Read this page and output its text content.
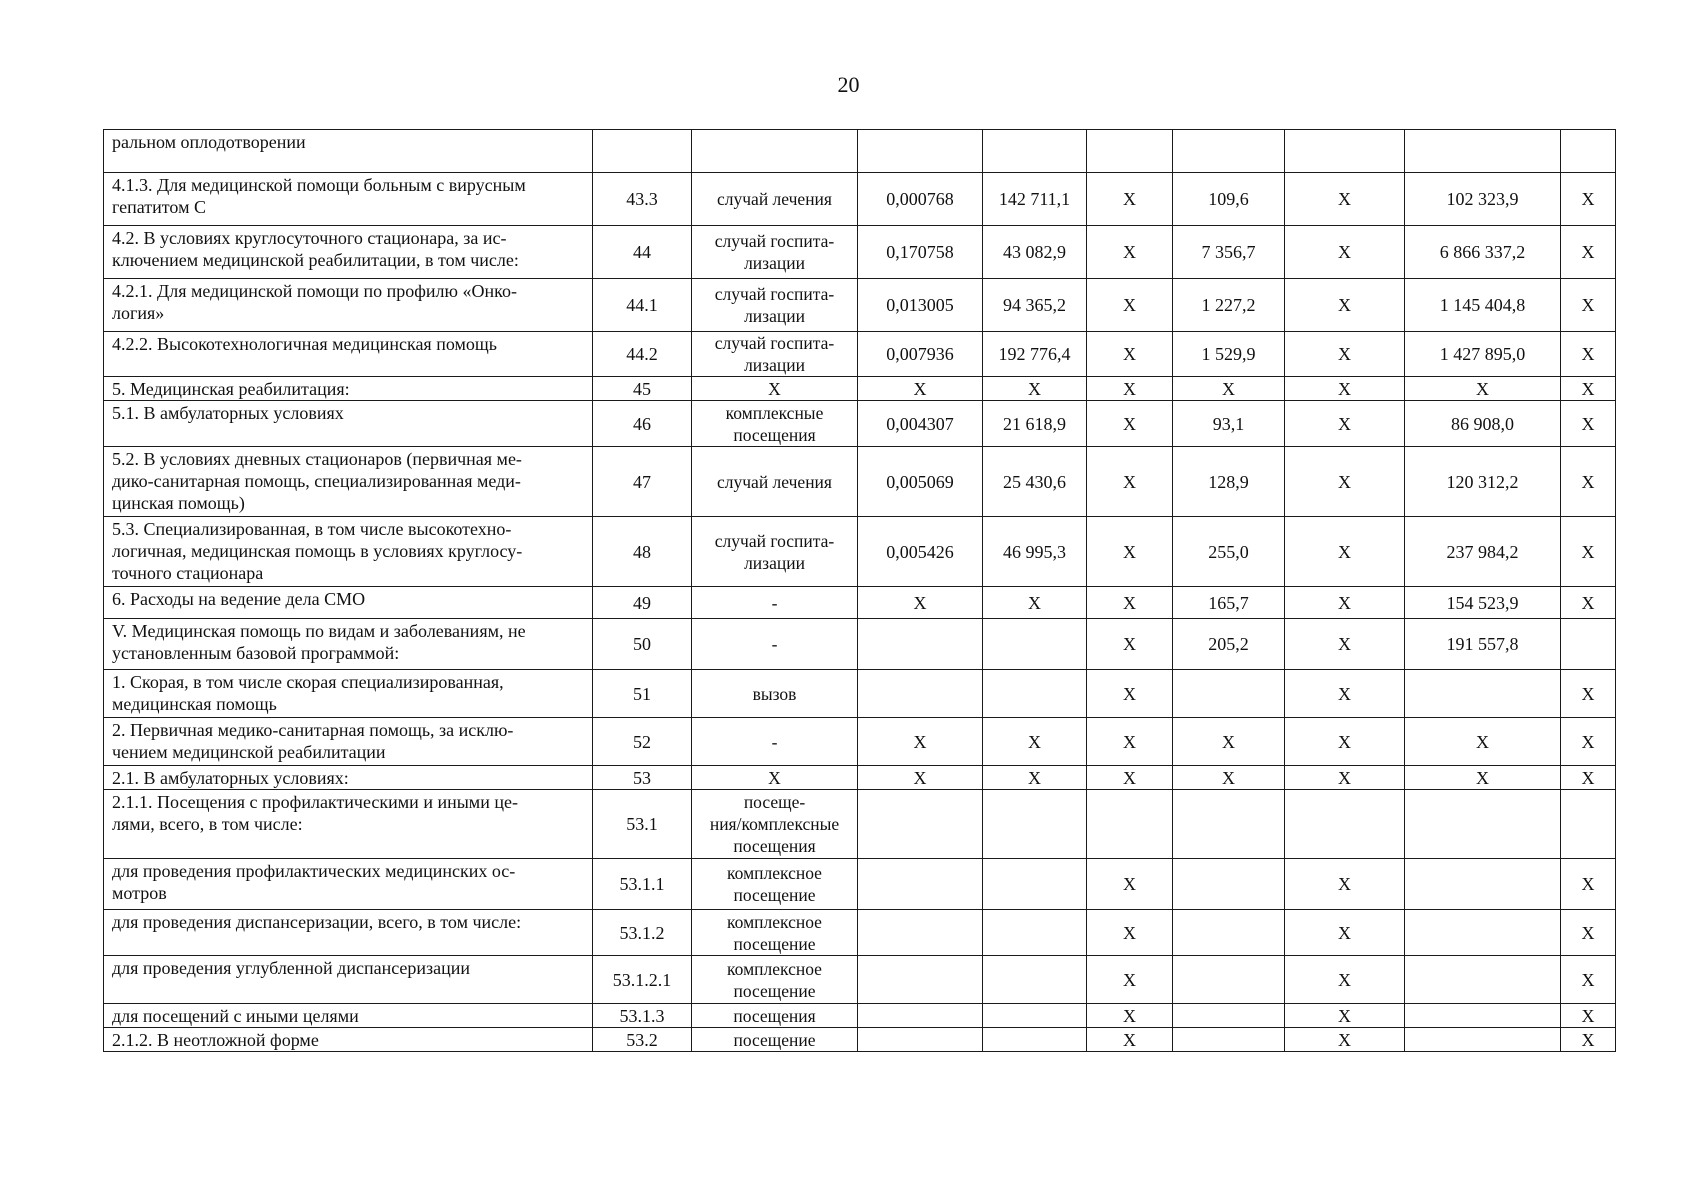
20
ральном оплодотворении									
4.1.3. Для медицинской помощи больным с вирусным
гепатитом С	43.3	случай лечения	0,000768	142 711,1	X	109,6	X	102 323,9	X
4.2. В условиях круглосуточного стационара, за ис-
ключением медицинской реабилитации, в том числе:	44	случай госпита-
лизации	0,170758	43 082,9	X	7 356,7	X	6 866 337,2	X
4.2.1. Для медицинской помощи по профилю «Онко-
логия»	44.1	случай госпита-
лизации	0,013005	94 365,2	X	1 227,2	X	1 145 404,8	X
4.2.2. Высокотехнологичная медицинская помощь	44.2	случай госпита-
лизации	0,007936	192 776,4	X	1 529,9	X	1 427 895,0	X
5. Медицинская реабилитация:	45	X	X	X	X	X	X	X	X
5.1. В амбулаторных условиях	46	комплексные
посещения	0,004307	21 618,9	X	93,1	X	86 908,0	X
5.2. В условиях дневных стационаров (первичная ме-
дико-санитарная помощь, специализированная меди-
цинская помощь)	47	случай лечения	0,005069	25 430,6	X	128,9	X	120 312,2	X
5.3. Специализированная, в том числе высокотехно-
логичная, медицинская помощь в условиях круглосу-
точного стационара	48	случай госпита-
лизации	0,005426	46 995,3	X	255,0	X	237 984,2	X
6. Расходы на ведение дела СМО	49	-	X	X	X	165,7	X	154 523,9	X
V. Медицинская помощь по видам и заболеваниям, не
установленным базовой программой:	50	-			X	205,2	X	191 557,8	
1. Скорая, в том числе скорая специализированная,
медицинская помощь	51	вызов			X		X		X
2. Первичная медико-санитарная помощь, за исклю-
чением медицинской реабилитации	52	-	X	X	X	X	X	X	X
2.1. В амбулаторных условиях:	53	X	X	X	X	X	X	X	X
2.1.1. Посещения с профилактическими и иными це-
лями, всего, в том числе:	53.1	посеще-
ния/комплексные
посещения							
для проведения профилактических медицинских ос-
мотров	53.1.1	комплексное
посещение			X		X		X
для проведения диспансеризации, всего, в том числе:	53.1.2	комплексное
посещение			X		X		X
для проведения углубленной диспансеризации	53.1.2.1	комплексное
посещение			X		X		X
для посещений с иными целями	53.1.3	посещения			X		X		X
2.1.2. В неотложной форме	53.2	посещение			X		X		X
